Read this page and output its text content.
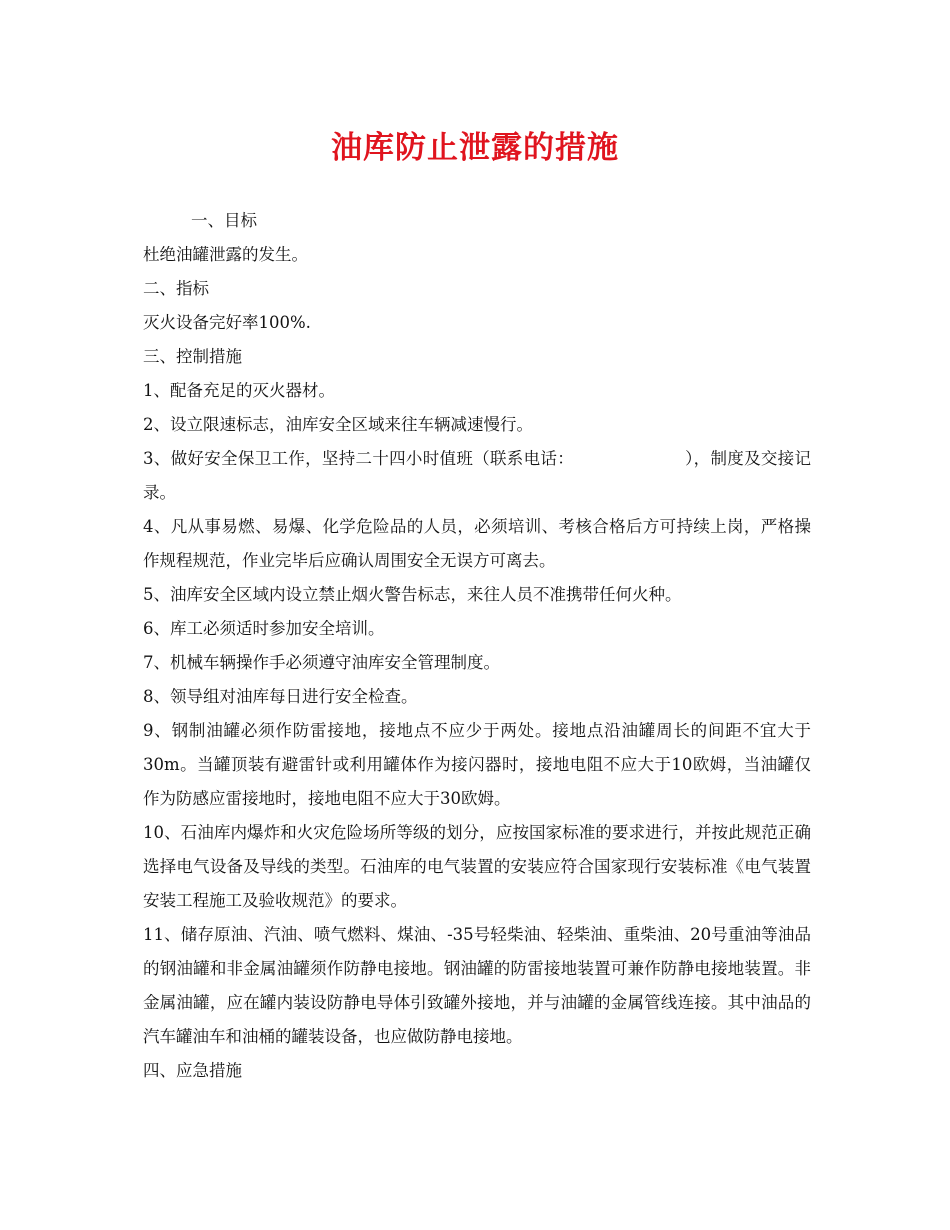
油库防止泄露的措施

一、目标

杜绝油罐泄露的发生。

二、指标

灭火设备完好率100%.

三、控制措施

1、配备充足的灭火器材。

2、设立限速标志，油库安全区域来往车辆减速慢行。

3、做好安全保卫工作，坚持二十四小时值班（联系电话：                    ），制度及交接记录。

4、凡从事易燃、易爆、化学危险品的人员，必须培训、考核合格后方可持续上岗，严格操作规程规范，作业完毕后应确认周围安全无误方可离去。

5、油库安全区域内设立禁止烟火警告标志，来往人员不准携带任何火种。

6、库工必须适时参加安全培训。

7、机械车辆操作手必须遵守油库安全管理制度。

8、领导组对油库每日进行安全检查。

9、钢制油罐必须作防雷接地，接地点不应少于两处。接地点沿油罐周长的间距不宜大于30m。当罐顶装有避雷针或利用罐体作为接闪器时，接地电阻不应大于10欧姆，当油罐仅作为防感应雷接地时，接地电阻不应大于30欧姆。

10、石油库内爆炸和火灾危险场所等级的划分，应按国家标准的要求进行，并按此规范正确选择电气设备及导线的类型。石油库的电气装置的安装应符合国家现行安装标准《电气装置安装工程施工及验收规范》的要求。

11、储存原油、汽油、喷气燃料、煤油、-35号轻柴油、轻柴油、重柴油、20号重油等油品的钢油罐和非金属油罐须作防静电接地。钢油罐的防雷接地装置可兼作防静电接地装置。非金属油罐，应在罐内装设防静电导体引致罐外接地，并与油罐的金属管线连接。其中油品的汽车罐油车和油桶的罐装设备，也应做防静电接地。

四、应急措施
